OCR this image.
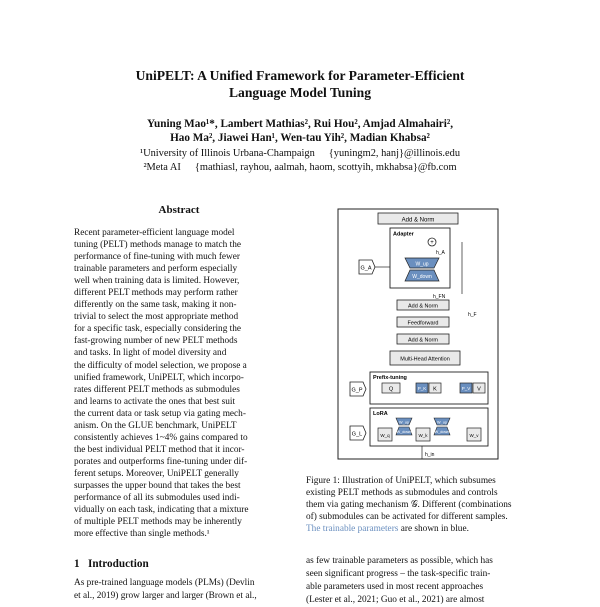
UniPELT: A Unified Framework for Parameter-Efficient
Language Model Tuning
Yuning Mao¹*, Lambert Mathias², Rui Hou², Amjad Almahairi²,
Hao Ma², Jiawei Han¹, Wen-tau Yih², Madian Khabsa²
¹University of Illinois Urbana-Champaign {yuningm2, hanj}@illinois.edu
²Meta AI {mathiasl, rayhou, aalmah, haom, scottyih, mkhabsa}@fb.com
Abstract
Recent parameter-efficient language model
tuning (PELT) methods manage to match the
performance of fine-tuning with much fewer
trainable parameters and perform especially
well when training data is limited. However,
different PELT methods may perform rather
differently on the same task, making it non-
trivial to select the most appropriate method
for a specific task, especially considering the
fast-growing number of new PELT methods
and tasks. In light of model diversity and
the difficulty of model selection, we propose a
unified framework, UniPELT, which incorpo-
rates different PELT methods as submodules
and learns to activate the ones that best suit
the current data or task setup via gating mech-
anism. On the GLUE benchmark, UniPELT
consistently achieves 1~4% gains compared to
the best individual PELT method that it incor-
porates and outperforms fine-tuning under dif-
ferent setups. Moreover, UniPELT generally
surpasses the upper bound that takes the best
performance of all its submodules used indi-
vidually on each task, indicating that a mixture
of multiple PELT methods may be inherently
more effective than single methods.¹
Add & Norm
Adapter
+
h_A
W_up
W_down
G_A
h_FN
Add & Norm
Feedforward
h_F
Add & Norm
Multi-Head Attention
G_P
Prefix-tuning
Q	P_K K	P_V V
G_L
LoRA
W_q
W_up
W_down
W_k
W_up
W_down
W_v
h_in
Figure 1: Illustration of UniPELT, which subsumes
existing PELT methods as submodules and controls
them via gating mechanism 𝒢. Different (combinations
of) submodules can be activated for different samples.
The trainable parameters are shown in blue.
as few trainable parameters as possible, which has
seen significant progress – the task-specific train-
able parameters used in most recent approaches
(Lester et al., 2021; Guo et al., 2021) are almost
1 Introduction
As pre-trained language models (PLMs) (Devlin
et al., 2019) grow larger and larger (Brown et al.,
